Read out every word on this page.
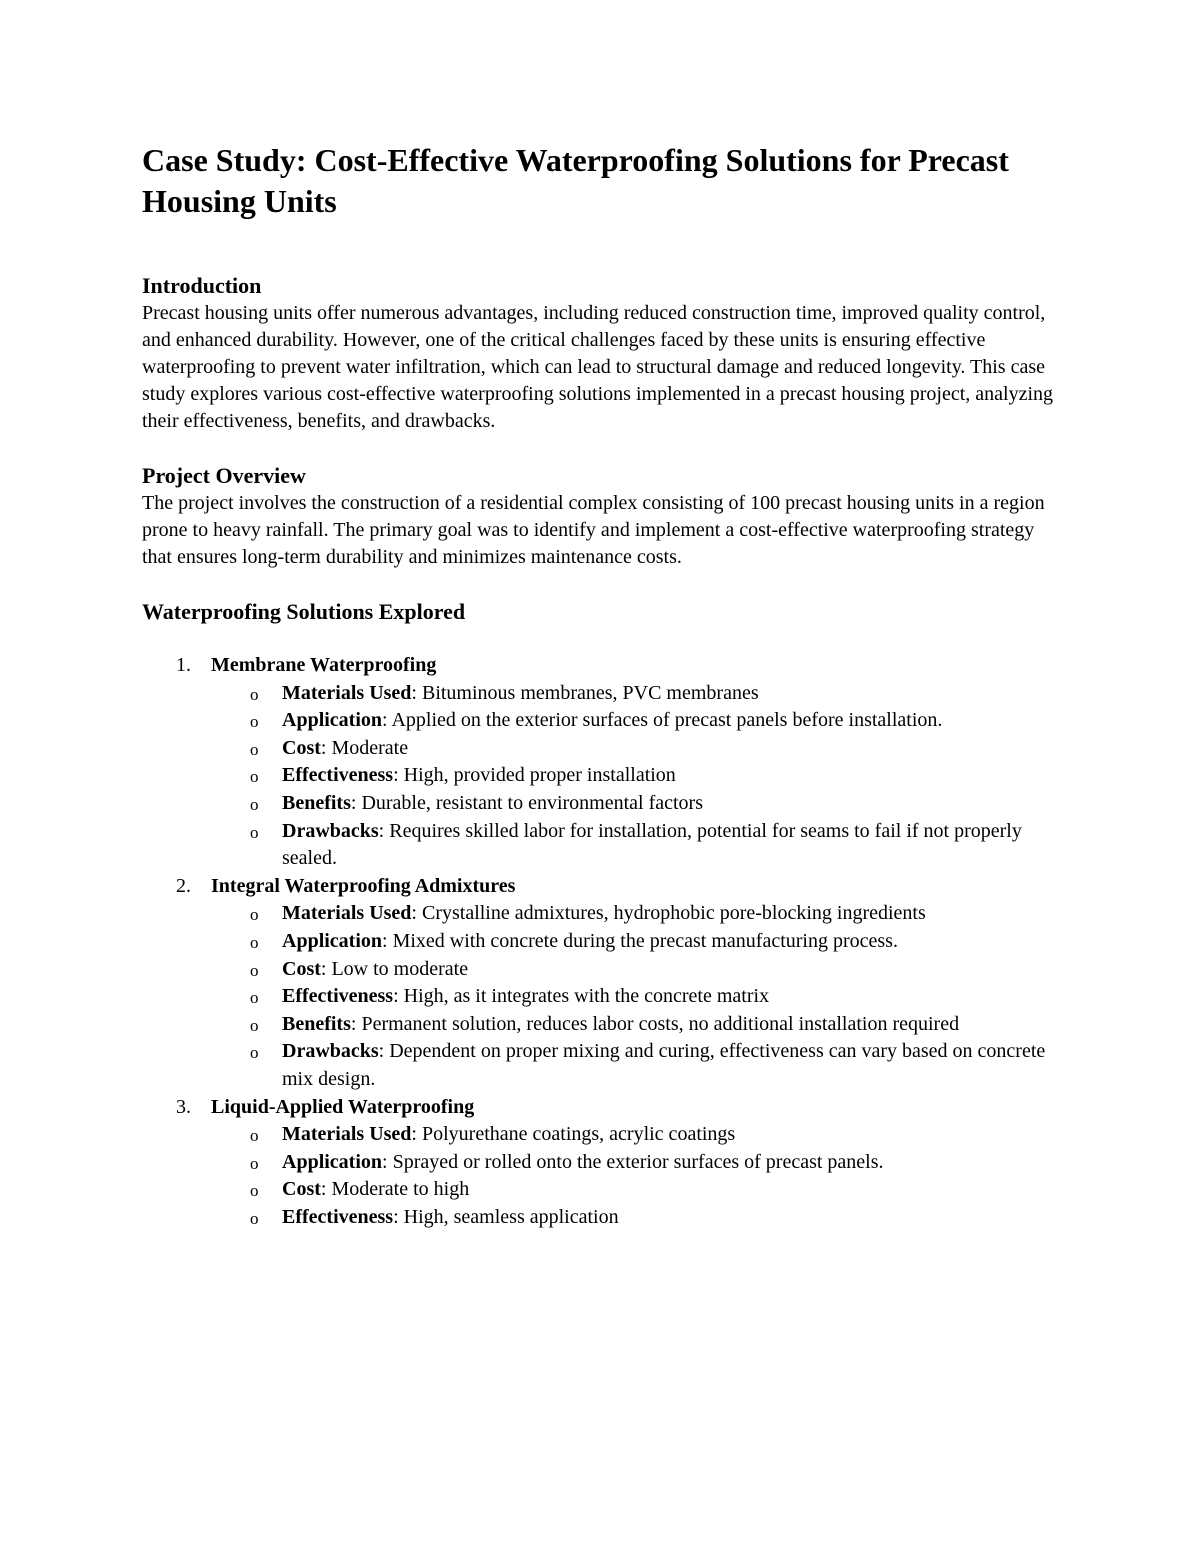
Case Study: Cost-Effective Waterproofing Solutions for Precast Housing Units
Introduction

Precast housing units offer numerous advantages, including reduced construction time, improved quality control, and enhanced durability. However, one of the critical challenges faced by these units is ensuring effective waterproofing to prevent water infiltration, which can lead to structural damage and reduced longevity. This case study explores various cost-effective waterproofing solutions implemented in a precast housing project, analyzing their effectiveness, benefits, and drawbacks.

Project Overview

The project involves the construction of a residential complex consisting of 100 precast housing units in a region prone to heavy rainfall. The primary goal was to identify and implement a cost-effective waterproofing strategy that ensures long-term durability and minimizes maintenance costs.

Waterproofing Solutions Explored
1. Membrane Waterproofing
o Materials Used: Bituminous membranes, PVC membranes
o Application: Applied on the exterior surfaces of precast panels before installation.
o Cost: Moderate
o Effectiveness: High, provided proper installation
o Benefits: Durable, resistant to environmental factors
o Drawbacks: Requires skilled labor for installation, potential for seams to fail if not properly sealed.
2. Integral Waterproofing Admixtures
o Materials Used: Crystalline admixtures, hydrophobic pore-blocking ingredients
o Application: Mixed with concrete during the precast manufacturing process.
o Cost: Low to moderate
o Effectiveness: High, as it integrates with the concrete matrix
o Benefits: Permanent solution, reduces labor costs, no additional installation required
o Drawbacks: Dependent on proper mixing and curing, effectiveness can vary based on concrete mix design.
3. Liquid-Applied Waterproofing
o Materials Used: Polyurethane coatings, acrylic coatings
o Application: Sprayed or rolled onto the exterior surfaces of precast panels.
o Cost: Moderate to high
o Effectiveness: High, seamless application
